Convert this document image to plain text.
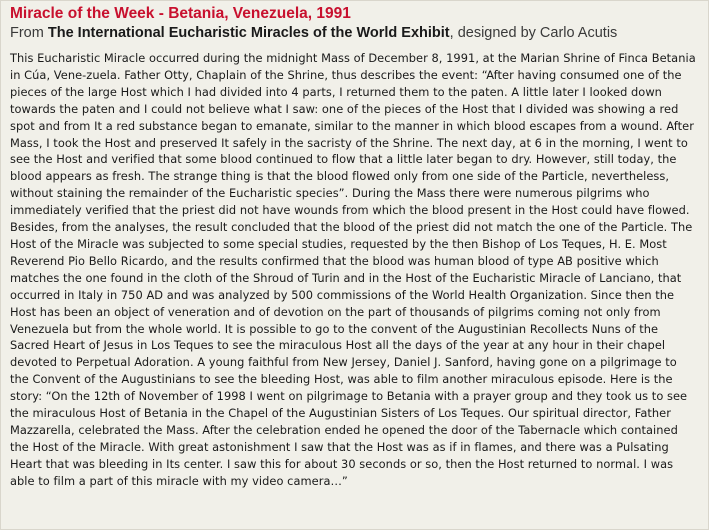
Miracle of the Week - Betania, Venezuela, 1991
From The International Eucharistic Miracles of the World Exhibit, designed by Carlo Acutis

This Eucharistic Miracle occurred during the midnight Mass of December 8, 1991, at the Marian Shrine of Finca Betania in Cúa, Vene-zuela. Father Otty, Chaplain of the Shrine, thus describes the event: “After having consumed one of the pieces of the large Host which I had divided into 4 parts, I returned them to the paten. A little later I looked down towards the paten and I could not believe what I saw: one of the pieces of the Host that I divided was showing a red spot and from It a red substance began to emanate, similar to the manner in which blood escapes from a wound. After Mass, I took the Host and preserved It safely in the sacristy of the Shrine. The next day, at 6 in the morning, I went to see the Host and verified that some blood continued to flow that a little later began to dry. However, still today, the blood appears as fresh. The strange thing is that the blood flowed only from one side of the Particle, nevertheless, without staining the remainder of the Eucharistic species”. During the Mass there were numerous pilgrims who immediately verified that the priest did not have wounds from which the blood present in the Host could have flowed. Besides, from the analyses, the result concluded that the blood of the priest did not match the one of the Particle. The Host of the Miracle was subjected to some special studies, requested by the then Bishop of Los Teques, H. E. Most Reverend Pio Bello Ricardo, and the results confirmed that the blood was human blood of type AB positive which matches the one found in the cloth of the Shroud of Turin and in the Host of the Eucharistic Miracle of Lanciano, that occurred in Italy in 750 AD and was analyzed by 500 commissions of the World Health Organization. Since then the Host has been an object of veneration and of devotion on the part of thousands of pilgrims coming not only from Venezuela but from the whole world. It is possible to go to the convent of the Augustinian Recollects Nuns of the Sacred Heart of Jesus in Los Teques to see the miraculous Host all the days of the year at any hour in their chapel devoted to Perpetual Adoration. A young faithful from New Jersey, Daniel J. Sanford, having gone on a pilgrimage to the Convent of the Augustinians to see the bleeding Host, was able to film another miraculous episode. Here is the story: “On the 12th of November of 1998 I went on pilgrimage to Betania with a prayer group and they took us to see the miraculous Host of Betania in the Chapel of the Augustinian Sisters of Los Teques. Our spiritual director, Father Mazzarella, celebrated the Mass. After the celebration ended he opened the door of the Tabernacle which contained the Host of the Miracle. With great astonishment I saw that the Host was as if in flames, and there was a Pulsating Heart that was bleeding in Its center. I saw this for about 30 seconds or so, then the Host returned to normal. I was able to film a part of this miracle with my video camera…”
